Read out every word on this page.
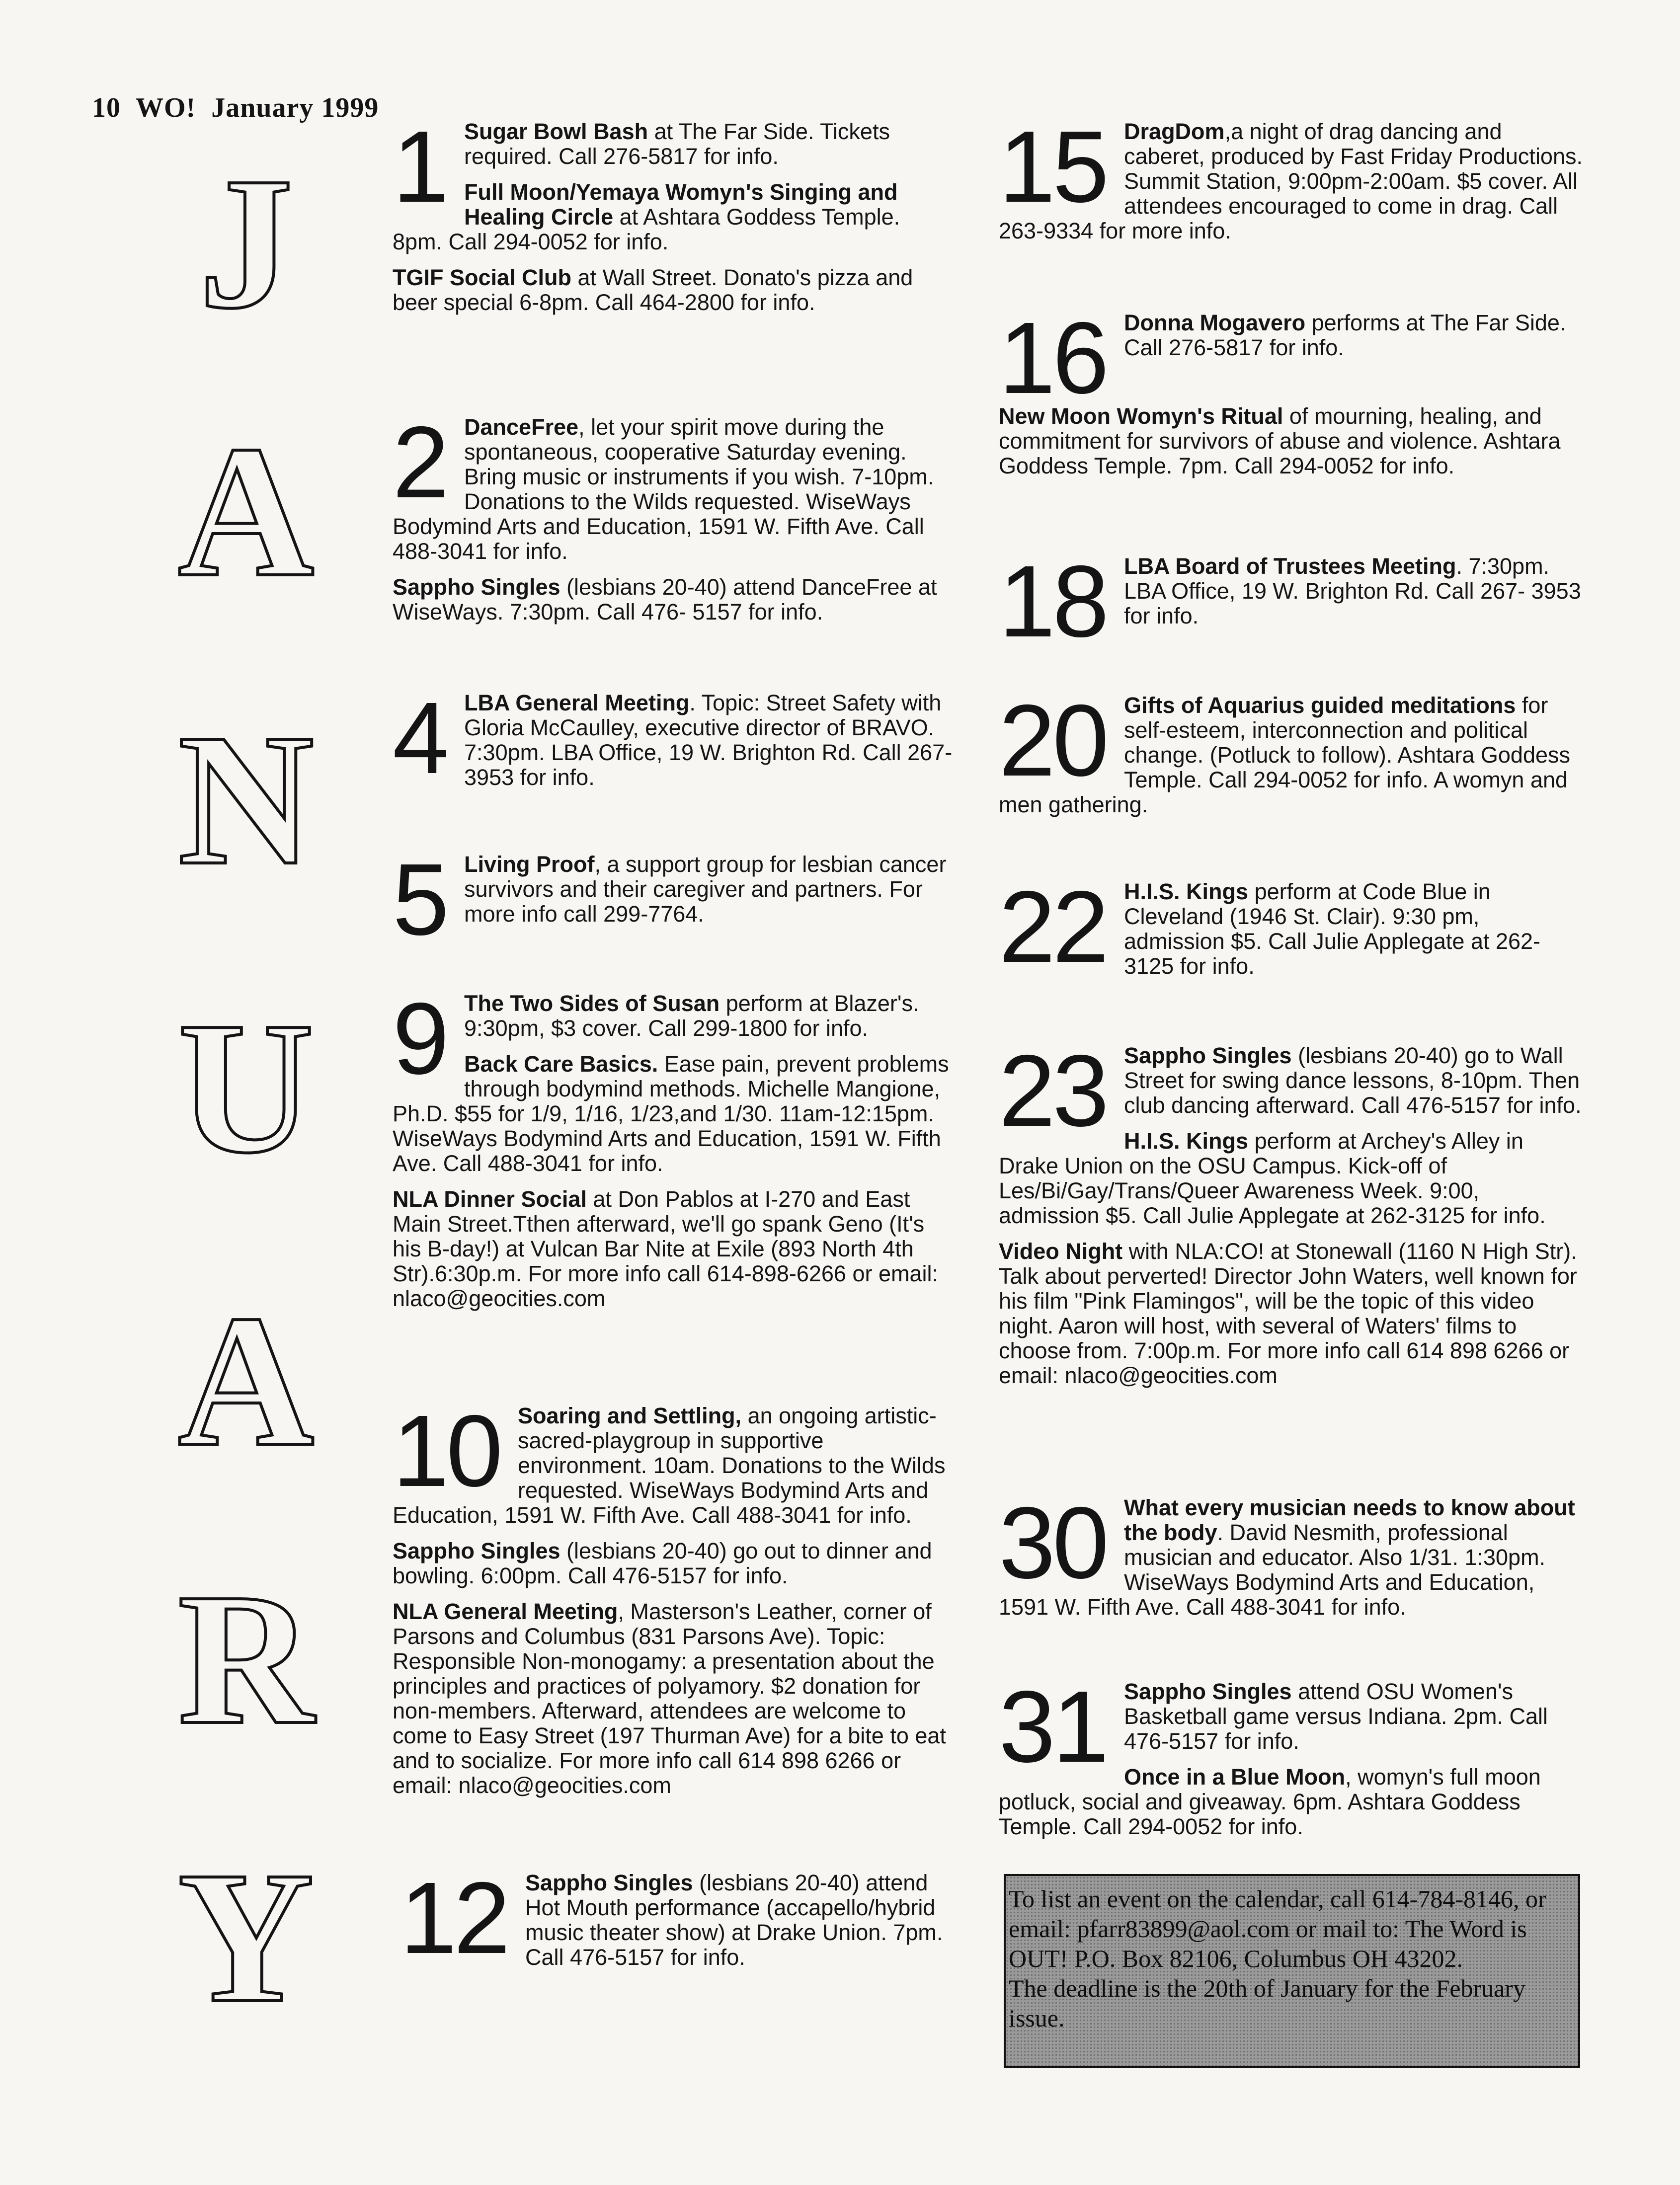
10 WO! January 1999
J
A
N
U
A
R
Y
1 Sugar Bowl Bash at The Far Side. Tickets required. Call 276-5817 for info.

Full Moon/Yemaya Womyn's Singing and Healing Circle at Ashtara Goddess Temple. 8pm. Call 294-0052 for info.

TGIF Social Club at Wall Street. Donato's pizza and beer special 6-8pm. Call 464-2800 for info.

2 DanceFree, let your spirit move during the spontaneous, cooperative Saturday evening. Bring music or instruments if you wish. 7-10pm. Donations to the Wilds requested. WiseWays Bodymind Arts and Education, 1591 W. Fifth Ave. Call 488-3041 for info.

Sappho Singles (lesbians 20-40) attend DanceFree at WiseWays. 7:30pm. Call 476- 5157 for info.

4 LBA General Meeting. Topic: Street Safety with Gloria McCaulley, executive director of BRAVO. 7:30pm. LBA Office, 19 W. Brighton Rd. Call 267-3953 for info.

5 Living Proof, a support group for lesbian cancer survivors and their caregiver and partners. For more info call 299-7764.

9 The Two Sides of Susan perform at Blazer's. 9:30pm, $3 cover. Call 299-1800 for info.

Back Care Basics. Ease pain, prevent problems through bodymind methods. Michelle Mangione, Ph.D. $55 for 1/9, 1/16, 1/23,and 1/30. 11am-12:15pm. WiseWays Bodymind Arts and Education, 1591 W. Fifth Ave. Call 488-3041 for info.

NLA Dinner Social at Don Pablos at I-270 and East Main Street.Tthen afterward, we'll go spank Geno (It's his B-day!) at Vulcan Bar Nite at Exile (893 North 4th Str).6:30p.m. For more info call 614-898-6266 or email: nlaco@geocities.com

10 Soaring and Settling, an ongoing artistic-sacred-playgroup in supportive environment. 10am. Donations to the Wilds requested. WiseWays Bodymind Arts and Education, 1591 W. Fifth Ave. Call 488-3041 for info.

Sappho Singles (lesbians 20-40) go out to dinner and bowling. 6:00pm. Call 476-5157 for info.

NLA General Meeting, Masterson's Leather, corner of Parsons and Columbus (831 Parsons Ave). Topic: Responsible Non-monogamy: a presentation about the principles and practices of polyamory. $2 donation for non-members. Afterward, attendees are welcome to come to Easy Street (197 Thurman Ave) for a bite to eat and to socialize. For more info call 614 898 6266 or email: nlaco@geocities.com

12 Sappho Singles (lesbians 20-40) attend Hot Mouth performance (accapello/hybrid music theater show) at Drake Union. 7pm. Call 476-5157 for info.

15 DragDom,a night of drag dancing and caberet, produced by Fast Friday Productions. Summit Station, 9:00pm-2:00am. $5 cover. All attendees encouraged to come in drag. Call 263-9334 for more info.

16 Donna Mogavero performs at The Far Side. Call 276-5817 for info.

New Moon Womyn's Ritual of mourning, healing, and commitment for survivors of abuse and violence. Ashtara Goddess Temple. 7pm. Call 294-0052 for info.

18 LBA Board of Trustees Meeting. 7:30pm. LBA Office, 19 W. Brighton Rd. Call 267- 3953 for info.

20 Gifts of Aquarius guided meditations for self-esteem, interconnection and political change. (Potluck to follow). Ashtara Goddess Temple. Call 294-0052 for info. A womyn and men gathering.

22 H.I.S. Kings perform at Code Blue in Cleveland (1946 St. Clair). 9:30 pm, admission $5. Call Julie Applegate at 262-3125 for info.

23 Sappho Singles (lesbians 20-40) go to Wall Street for swing dance lessons, 8-10pm. Then club dancing afterward. Call 476-5157 for info.

H.I.S. Kings perform at Archey's Alley in Drake Union on the OSU Campus. Kick-off of Les/Bi/Gay/Trans/Queer Awareness Week. 9:00, admission $5. Call Julie Applegate at 262-3125 for info.

Video Night with NLA:CO! at Stonewall (1160 N High Str). Talk about perverted! Director John Waters, well known for his film "Pink Flamingos", will be the topic of this video night. Aaron will host, with several of Waters' films to choose from. 7:00p.m. For more info call 614 898 6266 or email: nlaco@geocities.com

30 What every musician needs to know about the body. David Nesmith, professional musician and educator. Also 1/31. 1:30pm. WiseWays Bodymind Arts and Education, 1591 W. Fifth Ave. Call 488-3041 for info.

31 Sappho Singles attend OSU Women's Basketball game versus Indiana. 2pm. Call 476-5157 for info.

Once in a Blue Moon, womyn's full moon potluck, social and giveaway. 6pm. Ashtara Goddess Temple. Call 294-0052 for info.

To list an event on the calendar, call 614-784-8146, or email: pfarr83899@aol.com or mail to: The Word is OUT! P.O. Box 82106, Columbus OH 43202.

The deadline is the 20th of January for the February issue.
